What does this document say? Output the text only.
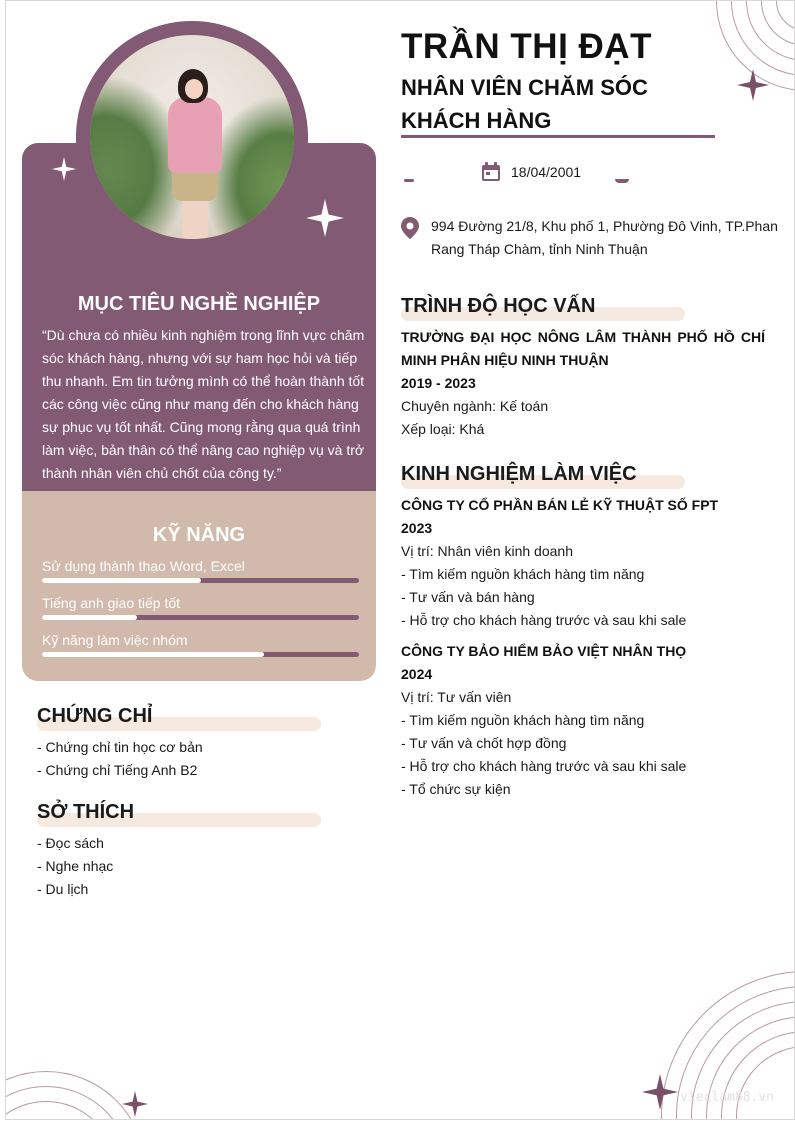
MỤC TIÊU NGHỀ NGHIỆP
“Dù chưa có nhiều kinh nghiệm trong lĩnh vực chăm
sóc khách hàng, nhưng với sự ham học hỏi và tiếp
thu nhanh. Em tin tưởng mình có thể hoàn thành tốt
các công việc cũng như mang đến cho khách hàng
sự phục vụ tốt nhất. Cũng mong rằng qua quá trình
làm việc, bản thân có thể nâng cao nghiệp vụ và trở
thành nhân viên chủ chốt của công ty.”
KỸ NĂNG
Sử dụng thành thạo Word, Excel
Tiếng anh giao tiếp tốt
Kỹ năng làm việc nhóm
CHỨNG CHỈ
- Chứng chỉ tin học cơ bản
- Chứng chỉ Tiếng Anh B2
SỞ THÍCH
- Đọc sách
- Nghe nhạc
- Du lịch
TRẦN THỊ ĐẠT
NHÂN VIÊN CHĂM SÓC
KHÁCH HÀNG
18/04/2001
994 Đường 21/8, Khu phố 1, Phường Đô Vinh, TP.Phan
Rang Tháp Chàm, tỉnh Ninh Thuận
TRÌNH ĐỘ HỌC VẤN
TRƯỜNG ĐẠI HỌC NÔNG LÂM THÀNH PHỐ HỒ CHÍ
MINH PHÂN HIỆU NINH THUẬN
2019 - 2023
Chuyên ngành: Kế toán
Xếp loại: Khá
KINH NGHIỆM LÀM VIỆC
CÔNG TY CỔ PHẦN BÁN LẺ KỸ THUẬT SỐ FPT
2023
Vị trí: Nhân viên kinh doanh
- Tìm kiếm nguồn khách hàng tìm năng
- Tư vấn và bán hàng
- Hỗ trợ cho khách hàng trước và sau khi sale
CÔNG TY BẢO HIỂM BẢO VIỆT NHÂN THỌ
2024
Vị trí: Tư vấn viên
- Tìm kiếm nguồn khách hàng tìm năng
- Tư vấn và chốt hợp đồng
- Hỗ trợ cho khách hàng trước và sau khi sale
- Tổ chức sự kiện
vieclam88.vn
